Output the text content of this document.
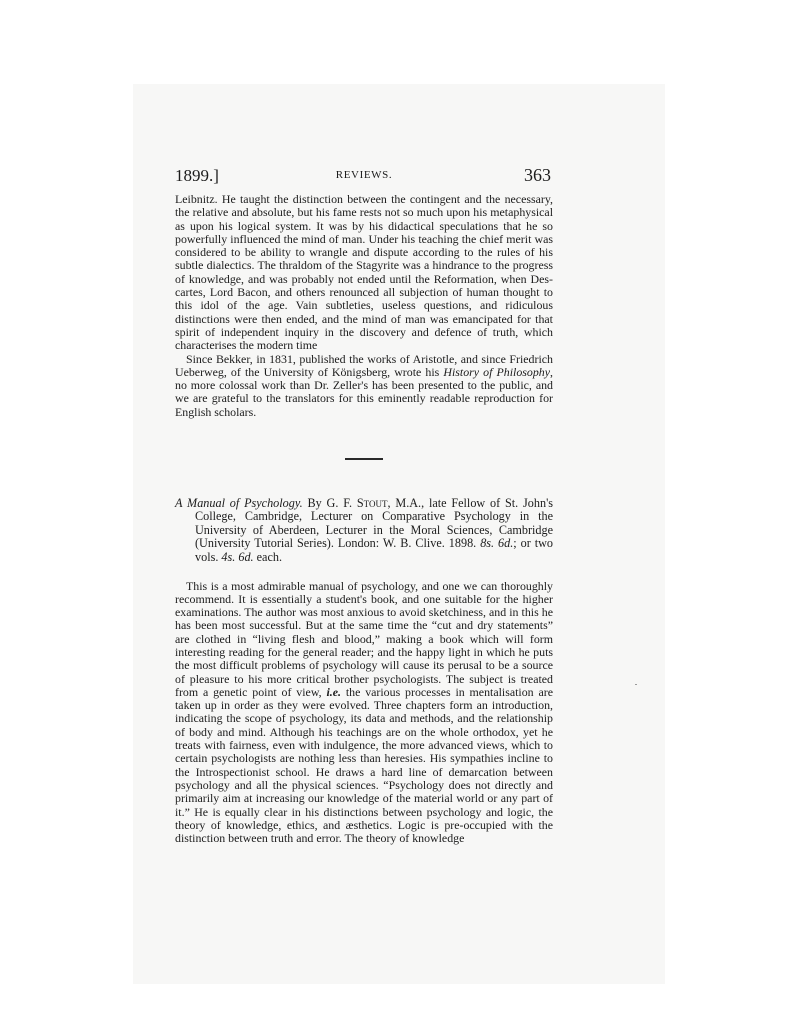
1899.]	REVIEWS.	363

Leibnitz. He taught the distinction between the contingent and the necessary, the relative and absolute, but his fame rests not so much upon his metaphysical as upon his logical system. It was by his didactical speculations that he so powerfully influenced the mind of man. Under his teaching the chief merit was considered to be ability to wrangle and dispute according to the rules of his subtle dialectics. The thraldom of the Stagyrite was a hindrance to the progress of knowledge, and was probably not ended until the Reformation, when Descartes, Lord Bacon, and others renounced all subjection of human thought to this idol of the age. Vain subtleties, useless questions, and ridiculous distinctions were then ended, and the mind of man was emancipated for that spirit of independent inquiry in the discovery and defence of truth, which characterises the modern time

Since Bekker, in 1831, published the works of Aristotle, and since Friedrich Ueberweg, of the University of Königsberg, wrote his History of Philosophy, no more colossal work than Dr. Zeller's has been presented to the public, and we are grateful to the translators for this eminently readable reproduction for English scholars.

A Manual of Psychology. By G. F. Stout, M.A., late Fellow of St. John's College, Cambridge, Lecturer on Comparative Psychology in the University of Aberdeen, Lecturer in the Moral Sciences, Cambridge (University Tutorial Series). London: W. B. Clive. 1898. 8s. 6d.; or two vols. 4s. 6d. each.

This is a most admirable manual of psychology, and one we can thoroughly recommend. It is essentially a student's book, and one suitable for the higher examinations. The author was most anxious to avoid sketchiness, and in this he has been most successful. But at the same time the “cut and dry statements” are clothed in “living flesh and blood,” making a book which will form interesting reading for the general reader; and the happy light in which he puts the most difficult problems of psychology will cause its perusal to be a source of pleasure to his more critical brother psychologists. The subject is treated from a genetic point of view, i.e. the various processes in mentalisation are taken up in order as they were evolved. Three chapters form an introduction, indicating the scope of psychology, its data and methods, and the relationship of body and mind. Although his teachings are on the whole orthodox, yet he treats with fairness, even with indulgence, the more advanced views, which to certain psychologists are nothing less than heresies. His sympathies incline to the Introspectionist school. He draws a hard line of demarcation between psychology and all the physical sciences. “Psychology does not directly and primarily aim at increasing our knowledge of the material world or any part of it.” He is equally clear in his distinctions between psychology and logic, the theory of knowledge, ethics, and æsthetics. Logic is pre-occupied with the distinction between truth and error. The theory of knowledge
